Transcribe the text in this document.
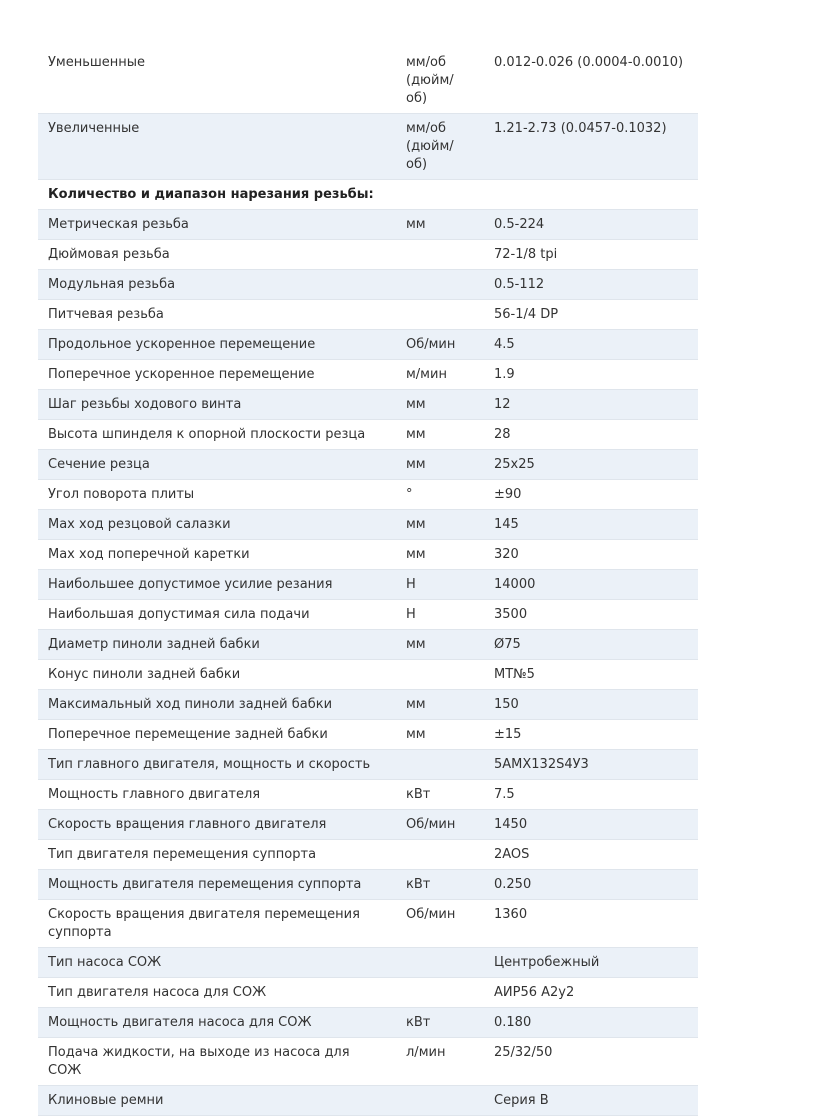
Уменьшенные	мм/об (дюйм/об)	0.012-0.026 (0.0004-0.0010)
Увеличенные	мм/об (дюйм/об)	1.21-2.73 (0.0457-0.1032)
Количество и диапазон нарезания резьбы:		
Метрическая резьба	мм	0.5-224
Дюймовая резьба		72-1/8 tpi
Модульная резьба		0.5-112
Питчевая резьба		56-1/4 DP
Продольное ускоренное перемещение	Об/мин	4.5
Поперечное ускоренное перемещение	м/мин	1.9
Шаг резьбы ходового винта	мм	12
Высота шпинделя к опорной плоскости резца	мм	28
Сечение резца	мм	25x25
Угол поворота плиты	°	±90
Мах ход резцовой салазки	мм	145
Мах ход поперечной каретки	мм	320
Наибольшее допустимое усилие резания	Н	14000
Наибольшая допустимая сила подачи	Н	3500
Диаметр пиноли задней бабки	мм	Ø75
Конус пиноли задней бабки		MT№5
Максимальный ход пиноли задней бабки	мм	150
Поперечное перемещение задней бабки	мм	±15
Тип главного двигателя, мощность и скорость		5AMX132S4У3
Мощность главного двигателя	кВт	7.5
Скорость вращения главного двигателя	Об/мин	1450
Тип двигателя перемещения суппорта		2AOS
Мощность двигателя перемещения суппорта	кВт	0.250
Скорость вращения двигателя перемещения суппорта	Об/мин	1360
Тип насоса СОЖ		Центробежный
Тип двигателя насоса для СОЖ		АИР56 А2у2
Мощность двигателя насоса для СОЖ	кВт	0.180
Подача жидкости, на выходе из насоса для СОЖ	л/мин	25/32/50
Клиновые ремни		Серия В
